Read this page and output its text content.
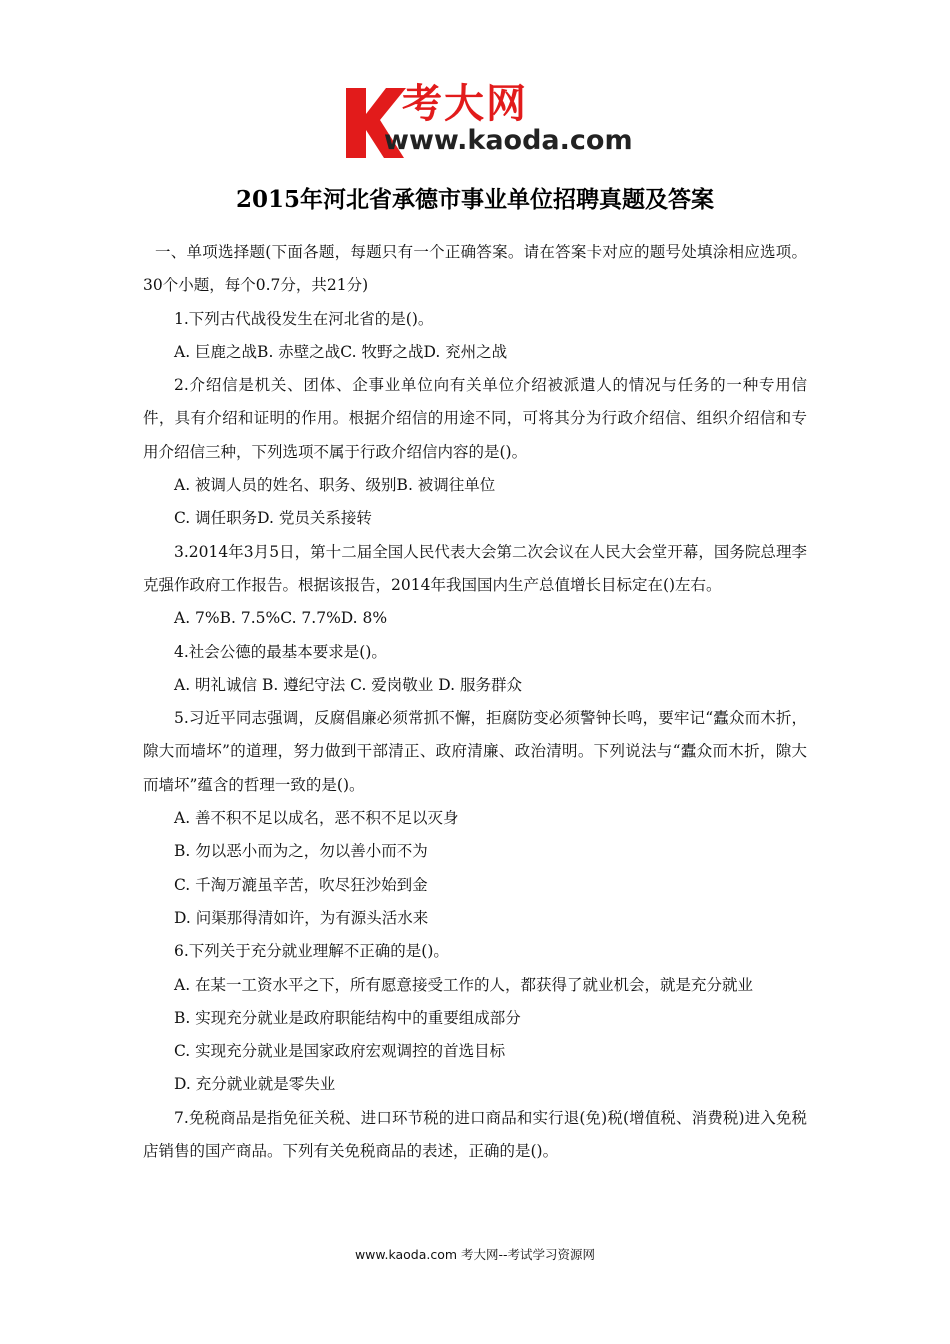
考大网
www.kaoda.com
2015年河北省承德市事业单位招聘真题及答案

一、单项选择题(下面各题，每题只有一个正确答案。请在答案卡对应的题号处填涂相应选项。30个小题，每个0.7分，共21分)

1.下列古代战役发生在河北省的是()。

A. 巨鹿之战B. 赤壁之战C. 牧野之战D. 兖州之战

2.介绍信是机关、团体、企事业单位向有关单位介绍被派遣人的情况与任务的一种专用信件，具有介绍和证明的作用。根据介绍信的用途不同，可将其分为行政介绍信、组织介绍信和专用介绍信三种，下列选项不属于行政介绍信内容的是()。

A. 被调人员的姓名、职务、级别B. 被调往单位

C. 调任职务D. 党员关系接转

3.2014年3月5日，第十二届全国人民代表大会第二次会议在人民大会堂开幕，国务院总理李克强作政府工作报告。根据该报告，2014年我国国内生产总值增长目标定在()左右。

A. 7%B. 7.5%C. 7.7%D. 8%

4.社会公德的最基本要求是()。

A. 明礼诚信 B. 遵纪守法 C. 爱岗敬业 D. 服务群众

5.习近平同志强调，反腐倡廉必须常抓不懈，拒腐防变必须警钟长鸣，要牢记“蠹众而木折，隙大而墙坏”的道理，努力做到干部清正、政府清廉、政治清明。下列说法与“蠹众而木折，隙大而墙坏”蕴含的哲理一致的是()。

A. 善不积不足以成名，恶不积不足以灭身

B. 勿以恶小而为之，勿以善小而不为

C. 千淘万漉虽辛苦，吹尽狂沙始到金

D. 问渠那得清如许，为有源头活水来

6.下列关于充分就业理解不正确的是()。

A. 在某一工资水平之下，所有愿意接受工作的人，都获得了就业机会，就是充分就业

B. 实现充分就业是政府职能结构中的重要组成部分

C. 实现充分就业是国家政府宏观调控的首选目标

D. 充分就业就是零失业

7.免税商品是指免征关税、进口环节税的进口商品和实行退(免)税(增值税、消费税)进入免税店销售的国产商品。下列有关免税商品的表述，正确的是()。

www.kaoda.com 考大网--考试学习资源网
